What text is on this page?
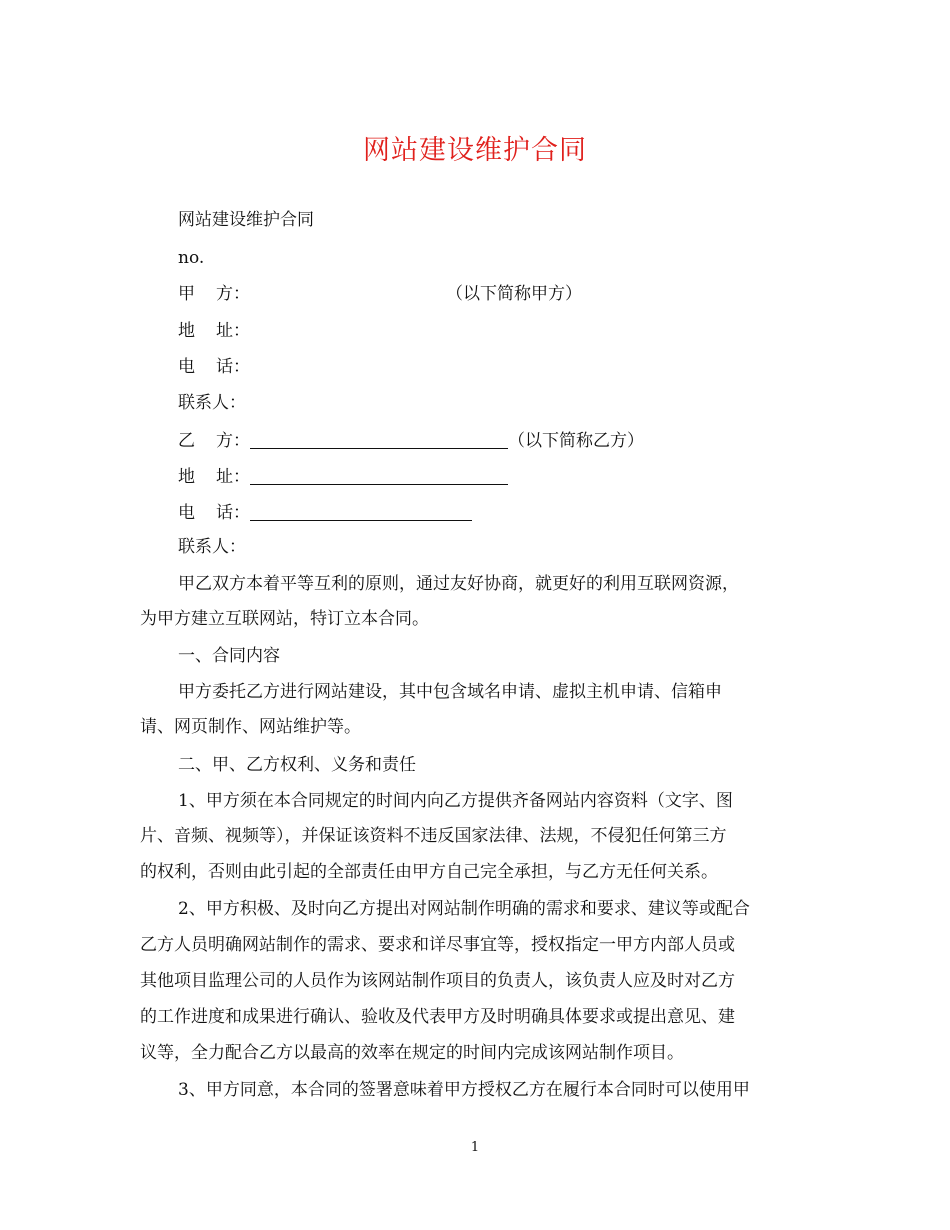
网站建设维护合同
网站建设维护合同
no.
甲 方：	（以下简称甲方）
地 址：
电 话：
联系人：
乙 方：	（以下简称乙方）
地 址：
电 话：
联系人：
甲乙双方本着平等互利的原则，通过友好协商，就更好的利用互联网资源，
为甲方建立互联网站，特订立本合同。
一、合同内容
甲方委托乙方进行网站建设，其中包含域名申请、虚拟主机申请、信箱申
请、网页制作、网站维护等。
二、甲、乙方权利、义务和责任
1、甲方须在本合同规定的时间内向乙方提供齐备网站内容资料（文字、图
片、音频、视频等），并保证该资料不违反国家法律、法规，不侵犯任何第三方
的权利，否则由此引起的全部责任由甲方自己完全承担，与乙方无任何关系。
2、甲方积极、及时向乙方提出对网站制作明确的需求和要求、建议等或配合
乙方人员明确网站制作的需求、要求和详尽事宜等，授权指定一甲方内部人员或
其他项目监理公司的人员作为该网站制作项目的负责人，该负责人应及时对乙方
的工作进度和成果进行确认、验收及代表甲方及时明确具体要求或提出意见、建
议等，全力配合乙方以最高的效率在规定的时间内完成该网站制作项目。
3、甲方同意，本合同的签署意味着甲方授权乙方在履行本合同时可以使用甲
1
